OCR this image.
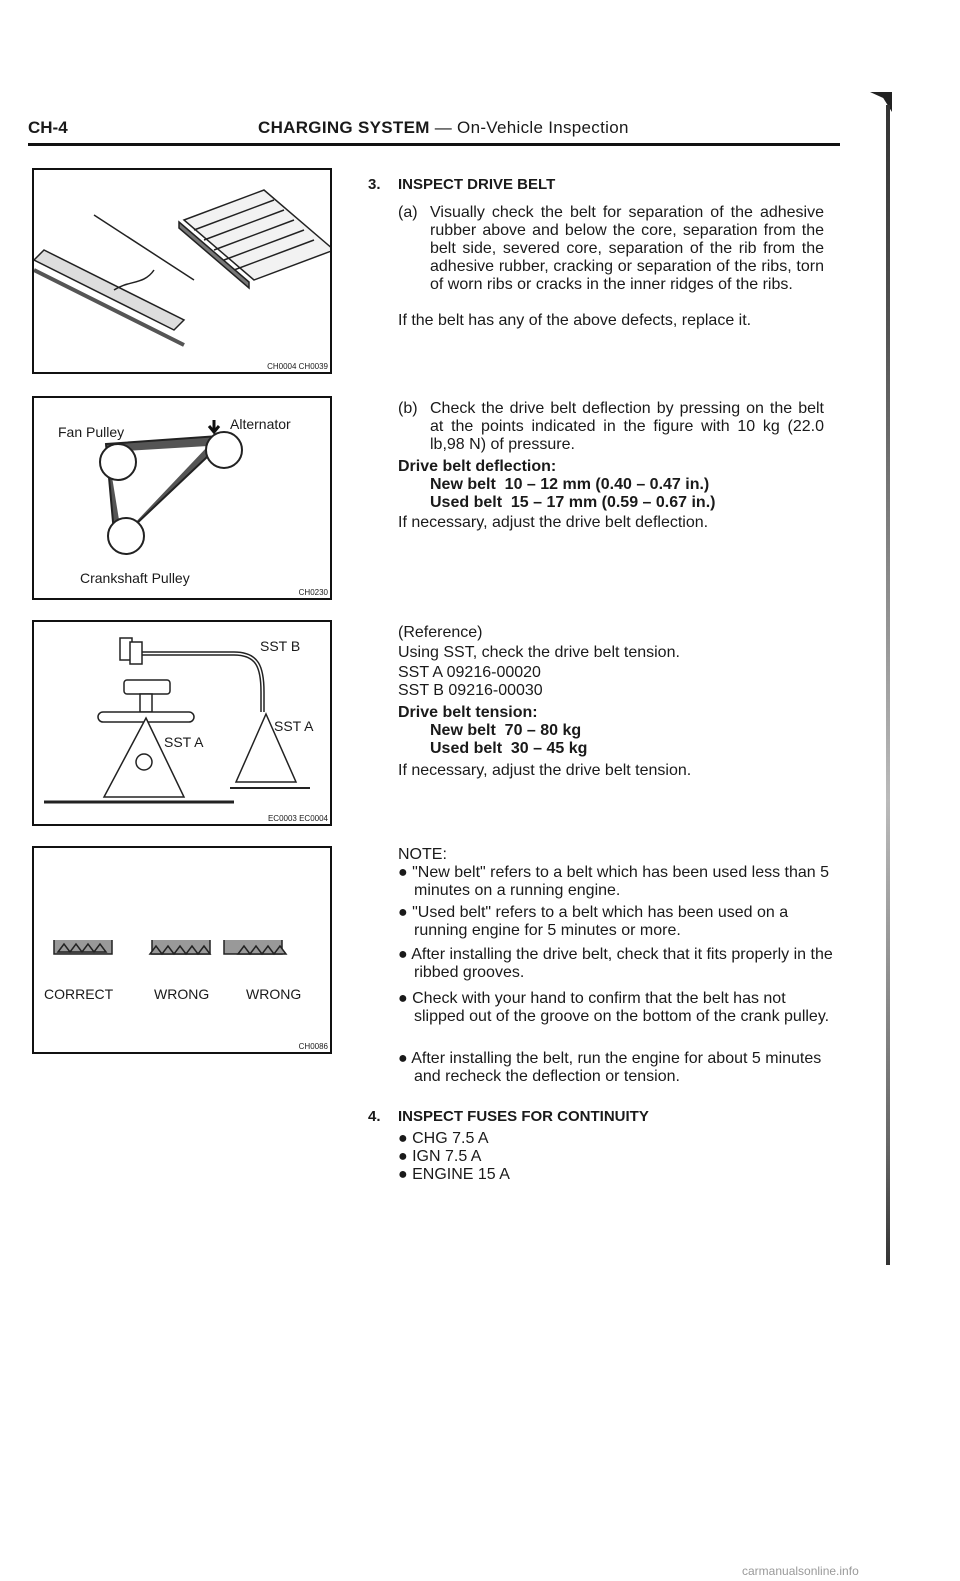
CH-4	CHARGING SYSTEM — On-Vehicle Inspection
CH0004 CH0039
Fan Pulley	Alternator
Crankshaft Pulley
CH0230
SST B
SST A
SST A
EC0003 EC0004
CORRECT	WRONG	WRONG
CH0086
3. INSPECT DRIVE BELT
(a) Visually check the belt for separation of the adhesive rubber above and below the core, separation from the belt side, severed core, separation of the rib from the adhesive rubber, cracking or separation of the ribs, torn of worn ribs or cracks in the inner ridges of the ribs.
If the belt has any of the above defects, replace it.
(b) Check the drive belt deflection by pressing on the belt at the points indicated in the figure with 10 kg (22.0 lb,98 N) of pressure.
Drive belt deflection:
New belt  10 – 12 mm (0.40 – 0.47 in.)
Used belt  15 – 17 mm (0.59 – 0.67 in.)
If necessary, adjust the drive belt deflection.
(Reference)
Using SST, check the drive belt tension.
SST A 09216-00020
SST B 09216-00030
Drive belt tension:
New belt  70 – 80 kg
Used belt  30 – 45 kg
If necessary, adjust the drive belt tension.
NOTE:
● "New belt" refers to a belt which has been used less than 5 minutes on a running engine.
● "Used belt" refers to a belt which has been used on a running engine for 5 minutes or more.
● After installing the drive belt, check that it fits properly in the ribbed grooves.
● Check with your hand to confirm that the belt has not slipped out of the groove on the bottom of the crank pulley.
● After installing the belt, run the engine for about 5 minutes and recheck the deflection or tension.
4. INSPECT FUSES FOR CONTINUITY
● CHG 7.5 A
● IGN 7.5 A
● ENGINE 15 A
carmanualsonline.info
